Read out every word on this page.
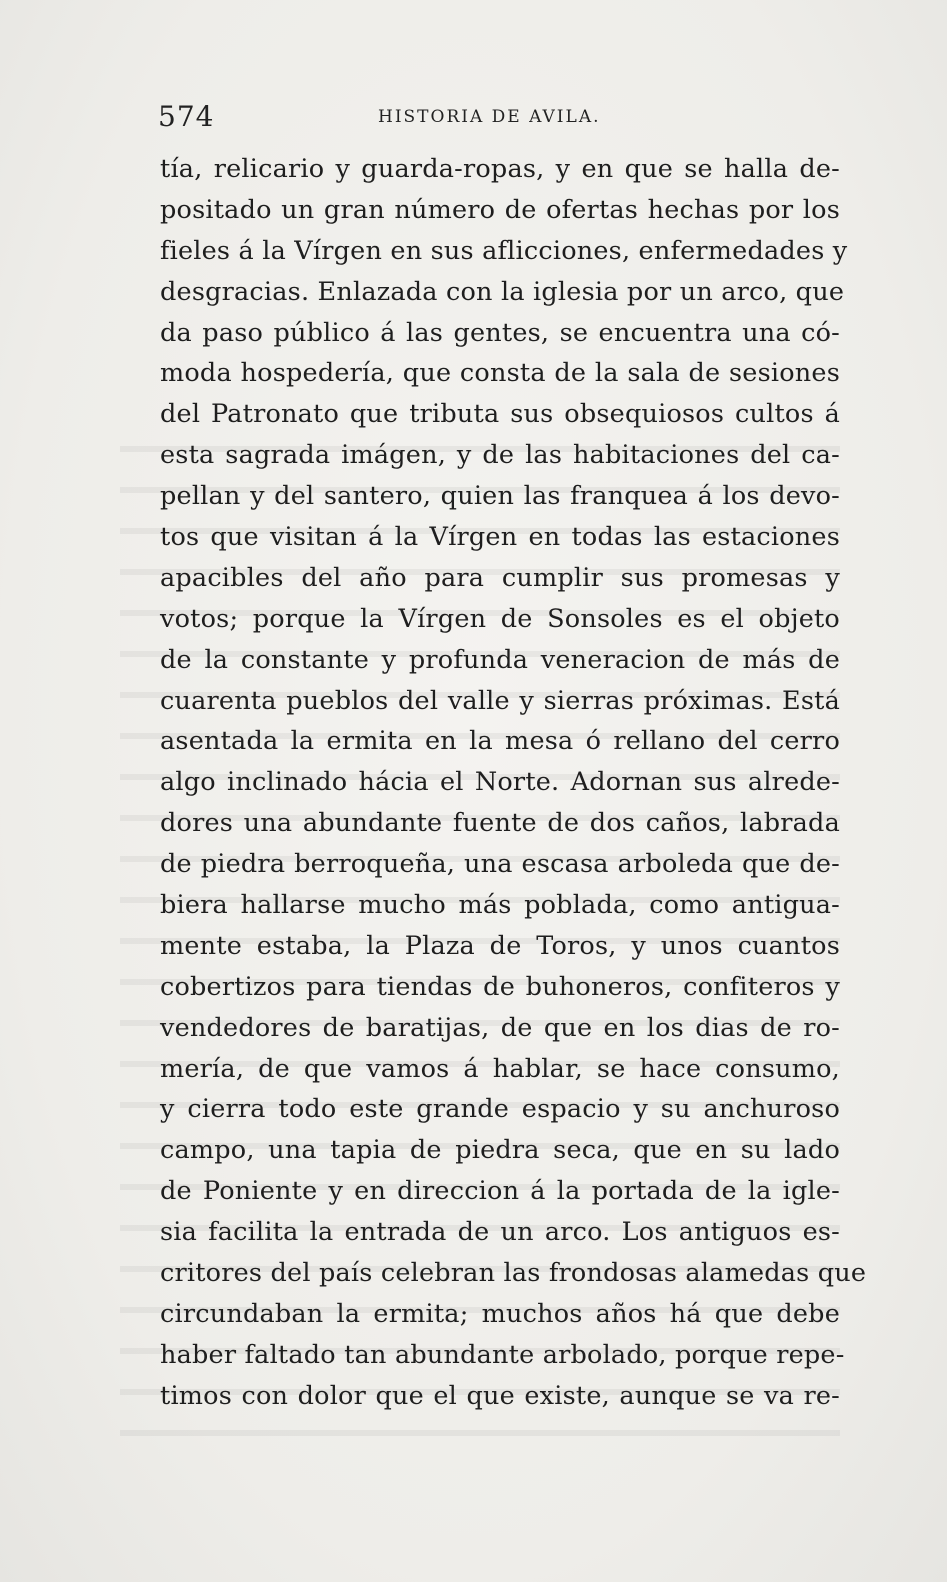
574	HISTORIA DE AVILA.
tía, relicario y guarda-ropas, y en que se halla de-
positado un gran número de ofertas hechas por los
fieles á la Vírgen en sus aflicciones, enfermedades y
desgracias. Enlazada con la iglesia por un arco, que
da paso público á las gentes, se encuentra una có-
moda hospedería, que consta de la sala de sesiones
del Patronato que tributa sus obsequiosos cultos á
esta sagrada imágen, y de las habitaciones del ca-
pellan y del santero, quien las franquea á los devo-
tos que visitan á la Vírgen en todas las estaciones
apacibles del año para cumplir sus promesas y
votos; porque la Vírgen de Sonsoles es el objeto
de la constante y profunda veneracion de más de
cuarenta pueblos del valle y sierras próximas. Está
asentada la ermita en la mesa ó rellano del cerro
algo inclinado hácia el Norte. Adornan sus alrede-
dores una abundante fuente de dos caños, labrada
de piedra berroqueña, una escasa arboleda que de-
biera hallarse mucho más poblada, como antigua-
mente estaba, la Plaza de Toros, y unos cuantos
cobertizos para tiendas de buhoneros, confiteros y
vendedores de baratijas, de que en los dias de ro-
mería, de que vamos á hablar, se hace consumo,
y cierra todo este grande espacio y su anchuroso
campo, una tapia de piedra seca, que en su lado
de Poniente y en direccion á la portada de la igle-
sia facilita la entrada de un arco. Los antiguos es-
critores del país celebran las frondosas alamedas que
circundaban la ermita; muchos años há que debe
haber faltado tan abundante arbolado, porque repe-
timos con dolor que el que existe, aunque se va re-
